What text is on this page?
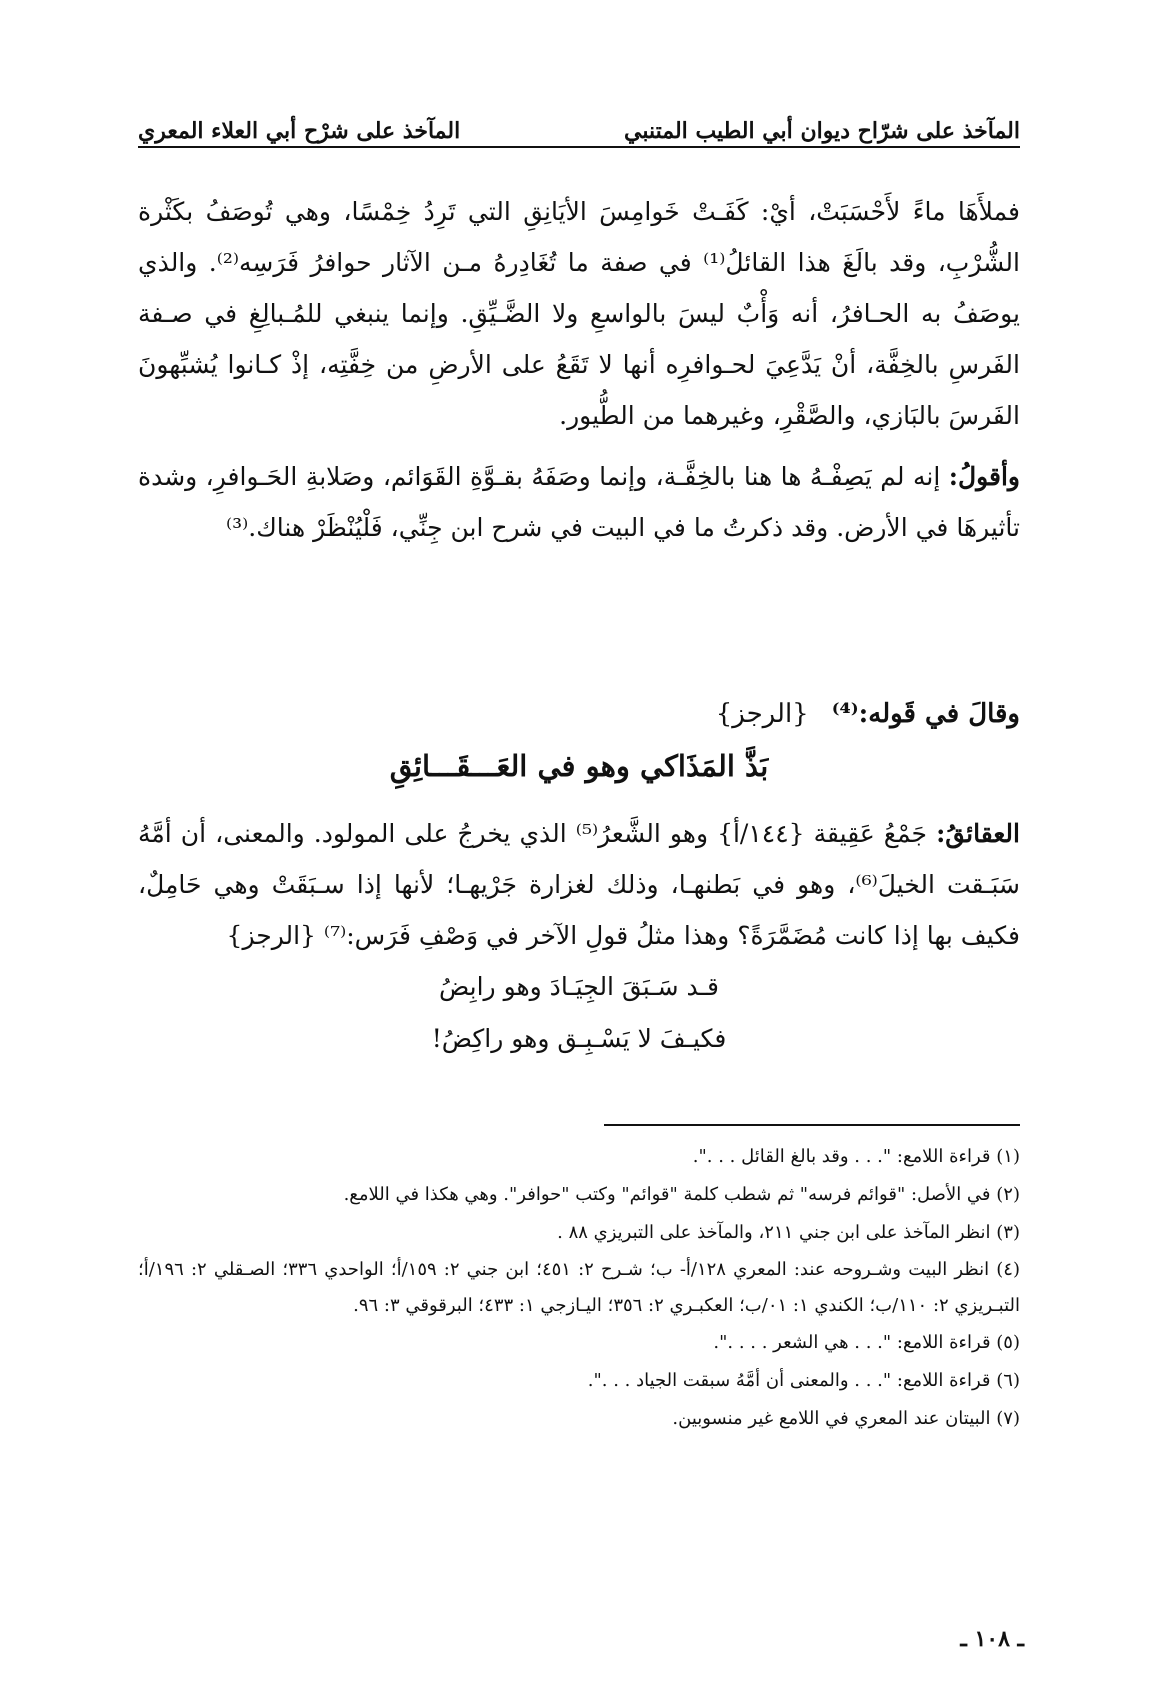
المآخذ على شرّاح ديوان أبي الطيب المتنبي
المآخذ على شرْح أبي العلاء المعري

فملأَهَا ماءً لأَحْسَبَتْ، أيْ: كَفَـتْ خَوامِسَ الأيَانِقِ التي تَرِدُ خِمْسًا، وهي تُوصَفُ بكَثْرة الشُّرْبِ، وقد بالَغَ هذا القائلُ⁽¹⁾ في صفة ما تُغَادِرهُ مـن الآثار حوافرُ فَرَسِه⁽²⁾. والذي يوصَفُ به الحـافرُ، أنه وَأْبٌ ليسَ بالواسعِ ولا الضَّـيِّقِ. وإنما ينبغي للمُـبالِغِ في صـفة الفَرسِ بالخِفَّة، أنْ يَدَّعِيَ لحـوافرِه أنها لا تَقَعُ على الأرضِ من خِفَّتِه، إذْ كـانوا يُشبِّهونَ الفَرسَ بالبَازي، والصَّقْرِ، وغيرهما من الطُّيور.

وأقولُ: إنه لم يَصِفْـهُ ها هنا بالخِفَّـة، وإنما وصَفَهُ بقـوَّةِ القَوَائم، وصَلابةِ الحَـوافرِ، وشدة تأثيرهَا في الأرض. وقد ذكرتُ ما في البيت في شرح ابن جِنِّي، فَلْيُنْظَرْ هناك.⁽³⁾

وقالَ في قَوله:⁽⁴⁾ {الرجز}
بَذَّ المَذَاكي وهو في العَـــقَـــائِقِ

العقائقُ: جَمْعُ عَقِيقة {١٤٤/أ} وهو الشَّعرُ⁽⁵⁾ الذي يخرجُ على المولود. والمعنى، أن أمَّهُ سَبَـقت الخيلَ⁽⁶⁾، وهو في بَطنهـا، وذلك لغزارة جَرْيهـا؛ لأنها إذا سـبَقَتْ وهي حَامِلٌ، فكيف بها إذا كانت مُضَمَّرَةً؟ وهذا مثلُ قولِ الآخر في وَصْفِ فَرَس:⁽⁷⁾ {الرجز}

قـد سَـبَقَ الجِيَـادَ وهو رابِضُ
فكيـفَ لا يَسْـبِـق وهو راكِضُ!

(١) قراءة اللامع: ". . . وقد بالغ القائل . . .".

(٢) في الأصل: "قوائم فرسه" ثم شطب كلمة "قوائم" وكتب "حوافر". وهي هكذا في اللامع.

(٣) انظر المآخذ على ابن جني ٢١١، والمآخذ على التبريزي ٨٨ .

(٤) انظر البيت وشـروحه عند: المعري ١٢٨/أ- ب؛ شـرح ٢: ٤٥١؛ ابن جني ٢: ١٥٩/أ؛ الواحدي ٣٣٦؛ الصـقلي ٢: ١٩٦/أ؛ التبـريزي ٢: ١١٠/ب؛ الكندي ١: ٠١/ب؛ العكبـري ٢: ٣٥٦؛ اليـازجي ١: ٤٣٣؛ البرقوقي ٣: ٩٦.

(٥) قراءة اللامع: ". . . هي الشعر . . . .".

(٦) قراءة اللامع: ". . . والمعنى أن أمَّهُ سبقت الجياد . . .".

(٧) البيتان عند المعري في اللامع غير منسوبين.

ـ ١٠٨ ـ
